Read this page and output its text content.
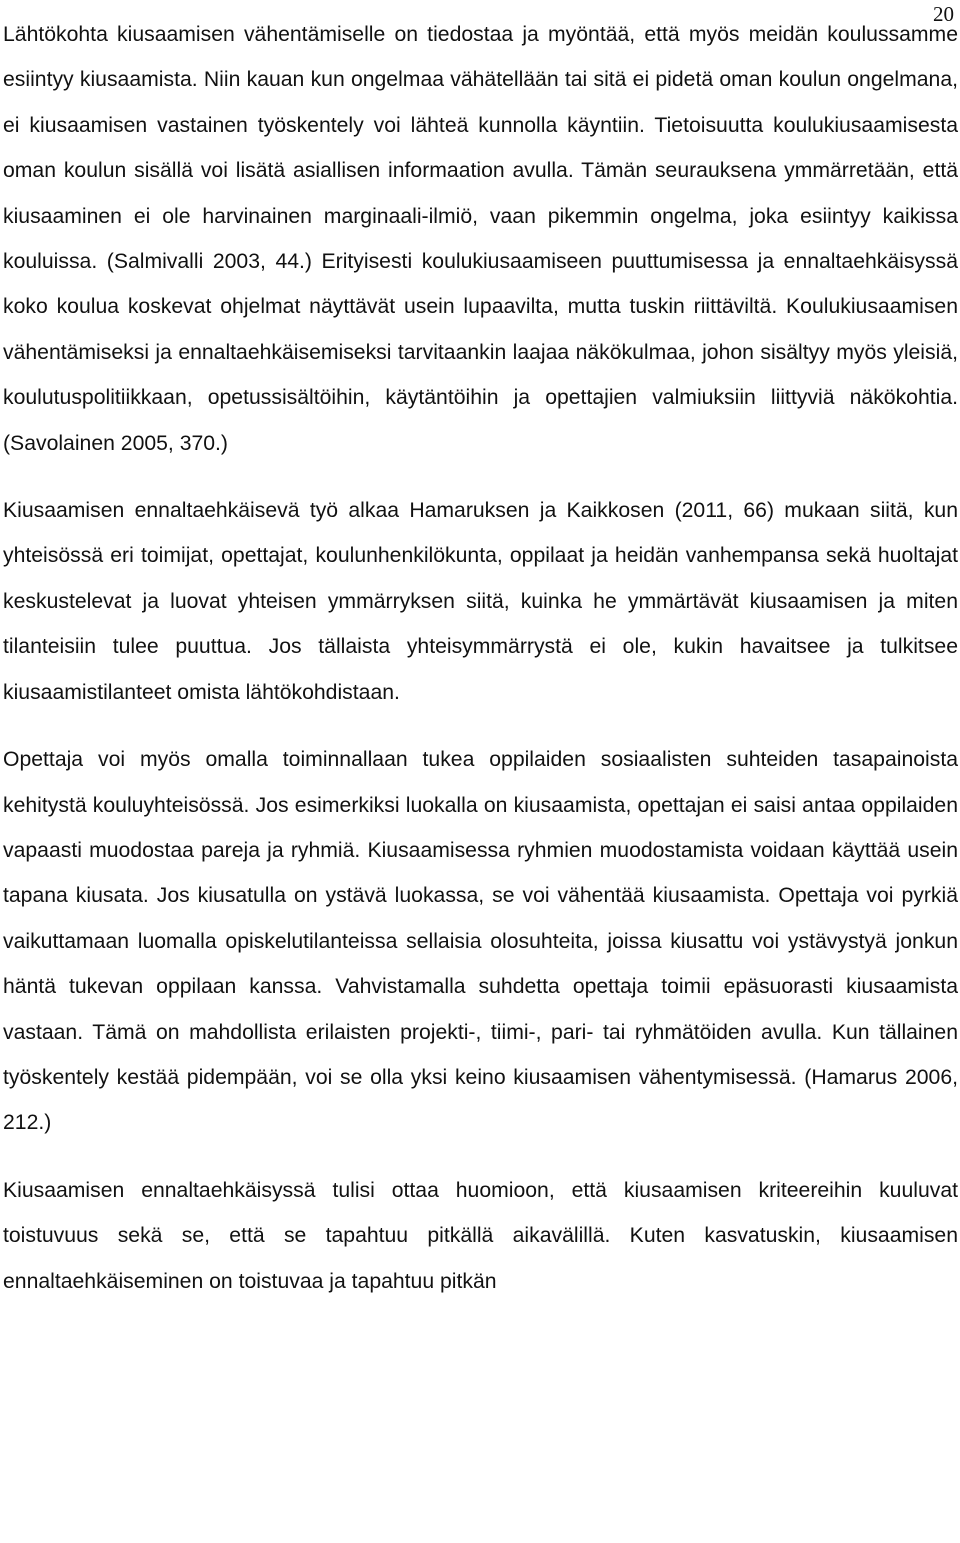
20

Lähtökohta kiusaamisen vähentämiselle on tiedostaa ja myöntää, että myös meidän koulussamme esiintyy kiusaamista. Niin kauan kun ongelmaa vähätellään tai sitä ei pidetä oman koulun ongelmana, ei kiusaamisen vastainen työskentely voi lähteä kunnolla käyntiin. Tietoisuutta koulukiusaamisesta oman koulun sisällä voi lisätä asiallisen informaation avulla. Tämän seurauksena ymmärretään, että kiusaaminen ei ole harvinainen marginaali-ilmiö, vaan pikemmin ongelma, joka esiintyy kaikissa kouluissa. (Salmivalli 2003, 44.) Erityisesti koulukiusaamiseen puuttumisessa ja ennaltaehkäisyssä koko koulua koskevat ohjelmat näyttävät usein lupaavilta, mutta tuskin riittäviltä. Koulukiusaamisen vähentämiseksi ja ennaltaehkäisemiseksi tarvitaankin laajaa näkökulmaa, johon sisältyy myös yleisiä, koulutuspolitiikkaan, opetussisältöihin, käytäntöihin ja opettajien valmiuksiin liittyviä näkökohtia. (Savolainen 2005, 370.)

Kiusaamisen ennaltaehkäisevä työ alkaa Hamaruksen ja Kaikkosen (2011, 66) mukaan siitä, kun yhteisössä eri toimijat, opettajat, koulunhenkilökunta, oppilaat ja heidän vanhempansa sekä huoltajat keskustelevat ja luovat yhteisen ymmärryksen siitä, kuinka he ymmärtävät kiusaamisen ja miten tilanteisiin tulee puuttua. Jos tällaista yhteisymmärrystä ei ole, kukin havaitsee ja tulkitsee kiusaamistilanteet omista lähtökohdistaan.

Opettaja voi myös omalla toiminnallaan tukea oppilaiden sosiaalisten suhteiden tasapainoista kehitystä kouluyhteisössä. Jos esimerkiksi luokalla on kiusaamista, opettajan ei saisi antaa oppilaiden vapaasti muodostaa pareja ja ryhmiä. Kiusaamisessa ryhmien muodostamista voidaan käyttää usein tapana kiusata. Jos kiusatulla on ystävä luokassa, se voi vähentää kiusaamista. Opettaja voi pyrkiä vaikuttamaan luomalla opiskelutilanteissa sellaisia olosuhteita, joissa kiusattu voi ystävystyä jonkun häntä tukevan oppilaan kanssa. Vahvistamalla suhdetta opettaja toimii epäsuorasti kiusaamista vastaan. Tämä on mahdollista erilaisten projekti-, tiimi-, pari- tai ryhmätöiden avulla. Kun tällainen työskentely kestää pidempään, voi se olla yksi keino kiusaamisen vähentymisessä. (Hamarus 2006, 212.)

Kiusaamisen ennaltaehkäisyssä tulisi ottaa huomioon, että kiusaamisen kriteereihin kuuluvat toistuvuus sekä se, että se tapahtuu pitkällä aikavälillä. Kuten kasvatuskin, kiusaamisen ennaltaehkäiseminen on toistuvaa ja tapahtuu pitkän
